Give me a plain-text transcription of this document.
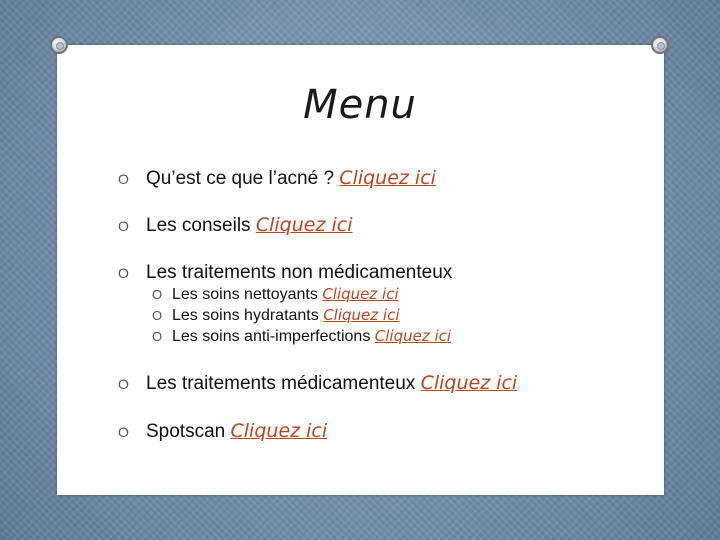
Menu
O Qu’est ce que l’acné ? Cliquez ici
O Les conseils Cliquez ici
O Les traitements non médicamenteux
O Les soins nettoyants Cliquez ici
O Les soins hydratants Cliquez ici
O Les soins anti-imperfections Cliquez ici
O Les traitements médicamenteux Cliquez ici
O Spotscan Cliquez ici
